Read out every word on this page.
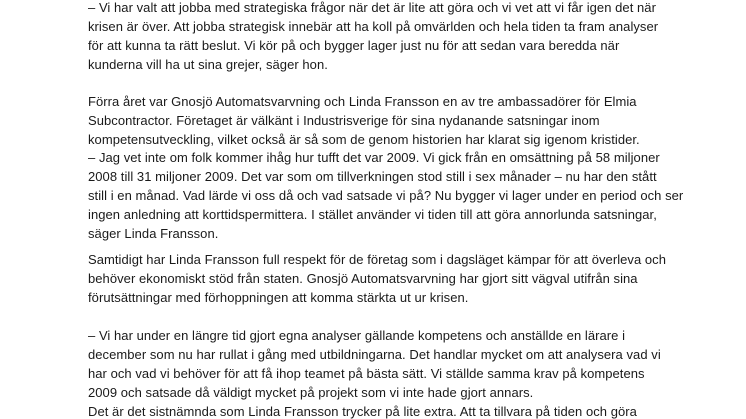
– Vi har valt att jobba med strategiska frågor när det är lite att göra och vi vet att vi får igen det när
krisen är över. Att jobba strategisk innebär att ha koll på omvärlden och hela tiden ta fram analyser
för att kunna ta rätt beslut. Vi kör på och bygger lager just nu för att sedan vara beredda när
kunderna vill ha ut sina grejer, säger hon.
Förra året var Gnosjö Automatsvarvning och Linda Fransson en av tre ambassadörer för Elmia
Subcontractor. Företaget är välkänt i Industrisverige för sina nydanande satsningar inom
kompetensutveckling, vilket också är så som de genom historien har klarat sig igenom kristider.
– Jag vet inte om folk kommer ihåg hur tufft det var 2009. Vi gick från en omsättning på 58 miljoner
2008 till 31 miljoner 2009. Det var som om tillverkningen stod still i sex månader – nu har den stått
still i en månad. Vad lärde vi oss då och vad satsade vi på? Nu bygger vi lager under en period och ser
ingen anledning att korttidspermittera. I stället använder vi tiden till att göra annorlunda satsningar,
säger Linda Fransson.
Samtidigt har Linda Fransson full respekt för de företag som i dagsläget kämpar för att överleva och
behöver ekonomiskt stöd från staten. Gnosjö Automatsvarvning har gjort sitt vägval utifrån sina
förutsättningar med förhoppningen att komma stärkta ut ur krisen.
– Vi har under en längre tid gjort egna analyser gällande kompetens och anställde en lärare i
december som nu har rullat i gång med utbildningarna. Det handlar mycket om att analysera vad vi
har och vad vi behöver för att få ihop teamet på bästa sätt. Vi ställde samma krav på kompetens
2009 och satsade då väldigt mycket på projekt som vi inte hade gjort annars.
Det är det sistnämnda som Linda Fransson trycker på lite extra. Att ta tillvara på tiden och göra
